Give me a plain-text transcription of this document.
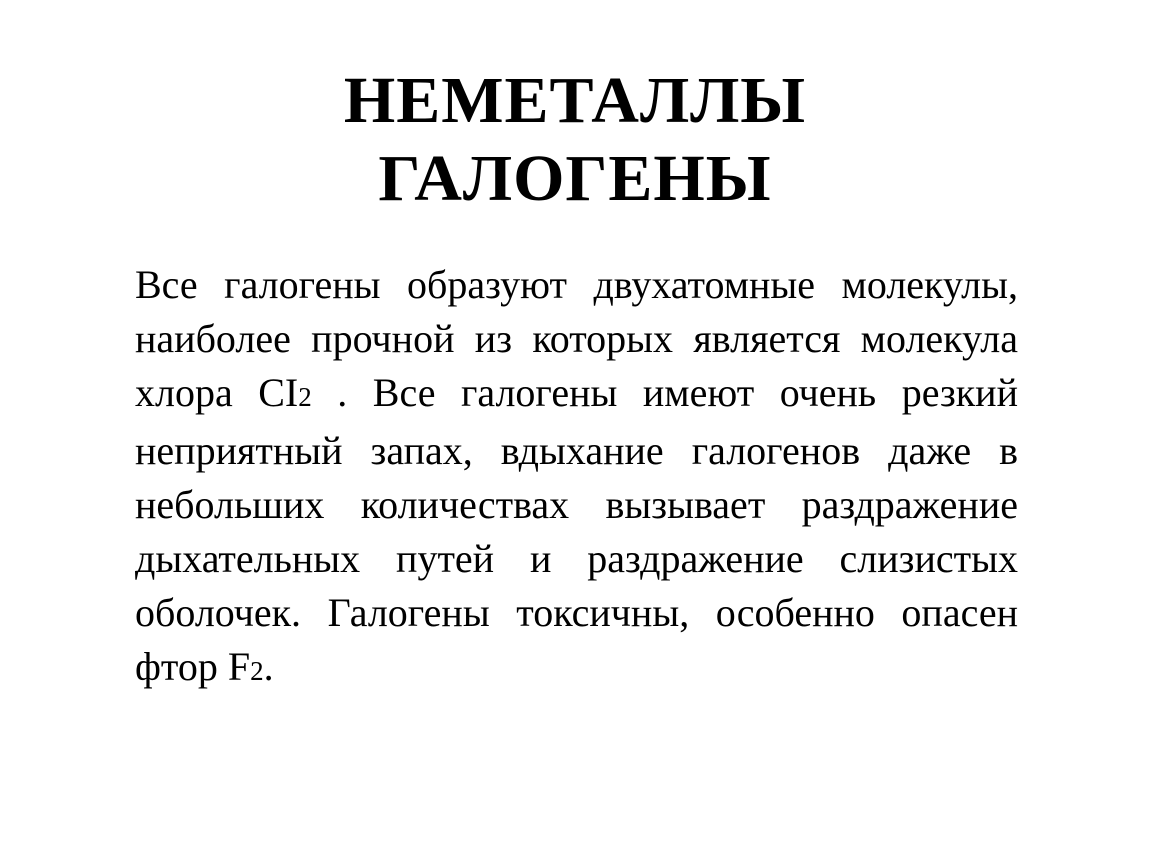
НЕМЕТАЛЛЫ
ГАЛОГЕНЫ

Все галогены образуют двухатомные молекулы, наиболее прочной из которых является молекула хлора CI2 . Все галогены имеют очень резкий неприятный запах, вдыхание галогенов даже в небольших количествах вызывает раздражение дыхательных путей и раздражение слизистых оболочек. Галогены токсичны, особенно опасен фтор F2.
